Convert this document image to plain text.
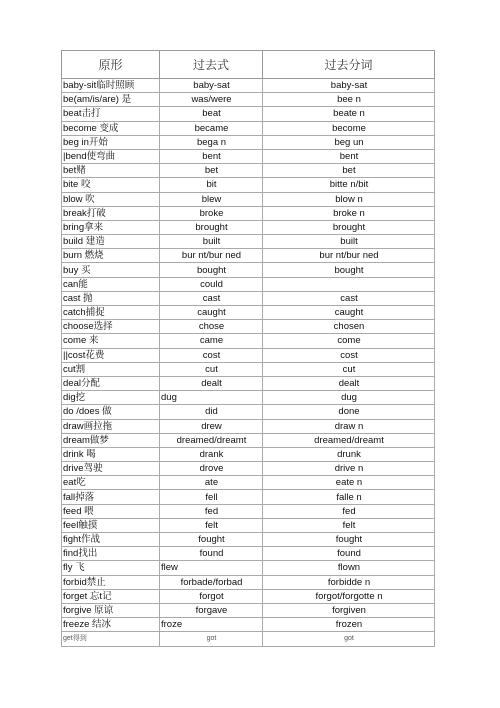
原形	过去式	过去分词
baby-sit临时照顾	baby-sat	baby-sat
be(am/is/are) 是	was/were	bee n
beat击打	beat	beate n
become 变成	became	become
beg in开始	bega n	beg un
|bend使弯曲	bent	bent
bet赌	bet	bet
bite 咬	bit	bitte n/bit
blow 吹	blew	blow n
break打破	broke	broke n
bring拿来	brought	brought
build 建造	built	built
burn 燃烧	bur nt/bur ned	bur nt/bur ned
buy 买	bought	bought
can能	could	
cast 抛	cast	cast
catch捕捉	caught	caught
choose选择	chose	chosen
come 来	came	come
||cost花费	cost	cost
cut割	cut	cut
deal分配	dealt	dealt
dig挖	dug	dug
do /does 做	did	done
draw画拉拖	drew	draw n
dream做梦	dreamed/dreamt	dreamed/dreamt
drink 喝	drank	drunk
drive驾驶	drove	drive n
eat吃	ate	eate n
fall掉落	fell	falle n
feed 喂	fed	fed
feel触摸	felt	felt
fight作战	fought	fought
find找出	found	found
fly 飞	flew	flown
forbid禁止	forbade/forbad	forbidde n
forget 忘t记	forgot	forgot/forgotte n
forgive 原谅	forgave	forgiven
freeze 结冰	froze	frozen
get得到	got	got
